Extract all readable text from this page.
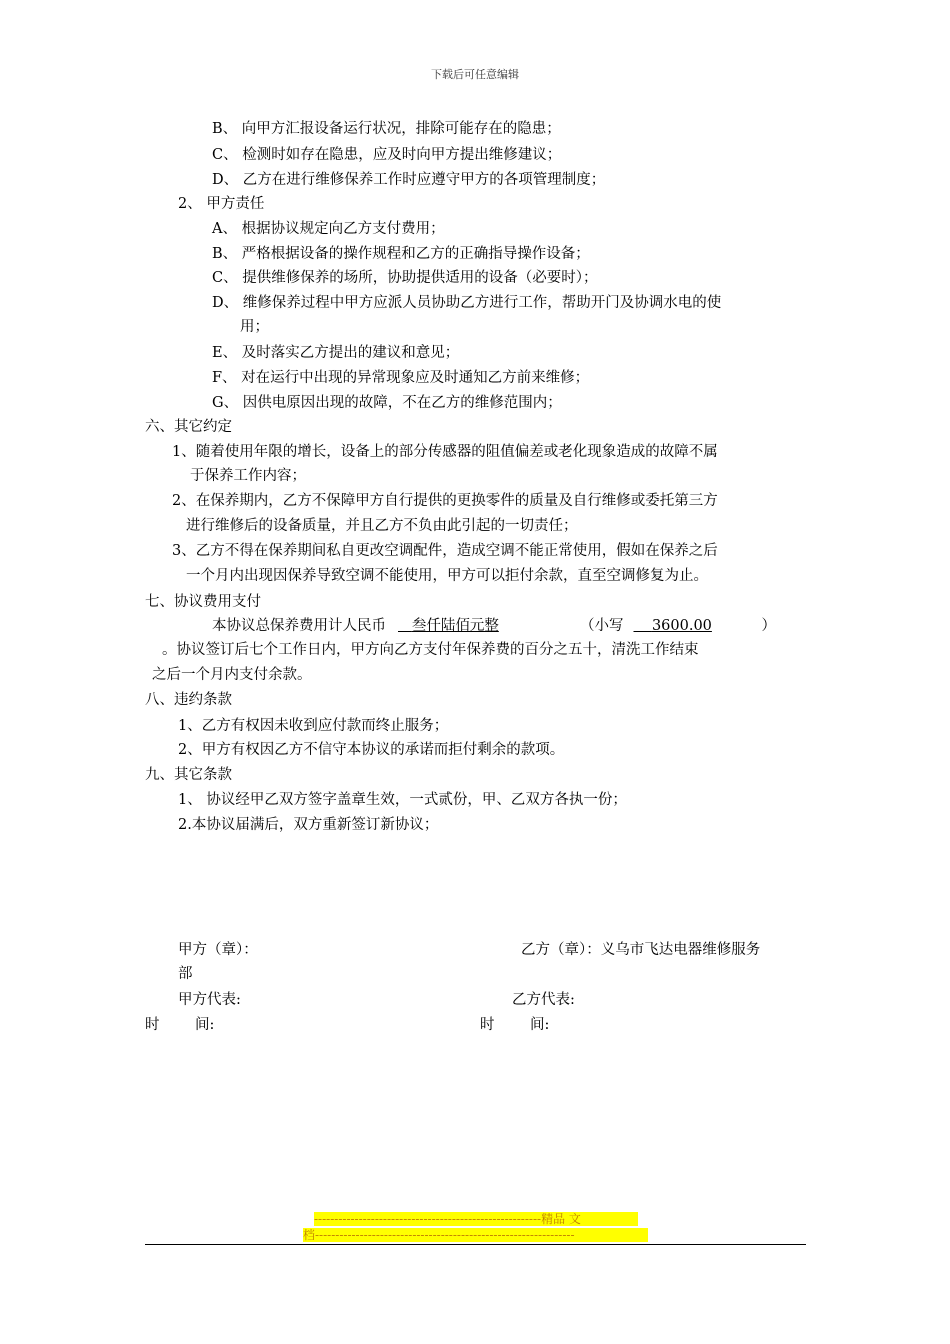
下载后可任意编辑
B、 向甲方汇报设备运行状况，排除可能存在的隐患；
C、 检测时如存在隐患，应及时向甲方提出维修建议；
D、 乙方在进行维修保养工作时应遵守甲方的各项管理制度；
2、 甲方责任
A、 根据协议规定向乙方支付费用；
B、 严格根据设备的操作规程和乙方的正确指导操作设备；
C、 提供维修保养的场所，协助提供适用的设备（必要时）；
D、 维修保养过程中甲方应派人员协助乙方进行工作，帮助开门及协调水电的使
用；
E、 及时落实乙方提出的建议和意见；
F、 对在运行中出现的异常现象应及时通知乙方前来维修；
G、 因供电原因出现的故障，不在乙方的维修范围内；
六、其它约定
1、随着使用年限的增长，设备上的部分传感器的阻值偏差或老化现象造成的故障不属
于保养工作内容；
2、在保养期内，乙方不保障甲方自行提供的更换零件的质量及自行维修或委托第三方
进行维修后的设备质量，并且乙方不负由此引起的一切责任；
3、乙方不得在保养期间私自更改空调配件，造成空调不能正常使用，假如在保养之后
一个月内出现因保养导致空调不能使用，甲方可以拒付余款，直至空调修复为止。
七、协议费用支付
本协议总保养费用计人民币 叁仟陆佰元整	（小写 3600.00	）
。协议签订后七个工作日内，甲方向乙方支付年保养费的百分之五十，清洗工作结束
之后一个月内支付余款。
八、违约条款
1、乙方有权因未收到应付款而终止服务；
2、甲方有权因乙方不信守本协议的承诺而拒付剩余的款项。
九、其它条款
1、 协议经甲乙双方签字盖章生效，一式贰份，甲、乙双方各执一份；
2.本协议届满后，双方重新签订新协议；
甲方（章）：	乙方（章）：义乌市飞达电器维修服务
部
甲方代表:	乙方代表:
时 间:	时 间:
--------------------------------------------------------精品 文
档----------------------------------------------------------------
